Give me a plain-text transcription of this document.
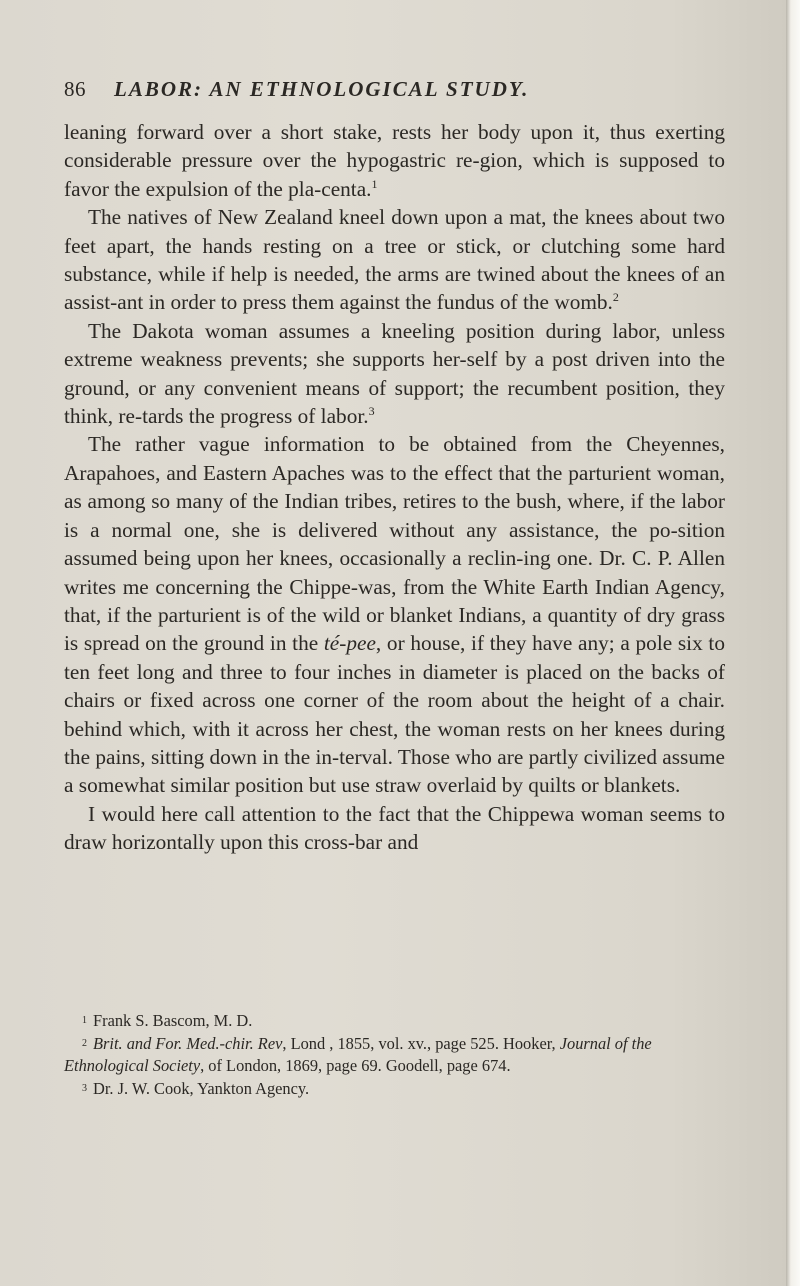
86 LABOR: AN ETHNOLOGICAL STUDY.

leaning forward over a short stake, rests her body upon it, thus exerting considerable pressure over the hypogastric re-gion, which is supposed to favor the expulsion of the pla-centa.$^1$

The natives of New Zealand kneel down upon a mat, the knees about two feet apart, the hands resting on a tree or stick, or clutching some hard substance, while if help is needed, the arms are twined about the knees of an assist-ant in order to press them against the fundus of the womb.$^2$

The Dakota woman assumes a kneeling position during labor, unless extreme weakness prevents; she supports her-self by a post driven into the ground, or any convenient means of support; the recumbent position, they think, re-tards the progress of labor.$^3$

The rather vague information to be obtained from the Cheyennes, Arapahoes, and Eastern Apaches was to the effect that the parturient woman, as among so many of the Indian tribes, retires to the bush, where, if the labor is a normal one, she is delivered without any assistance, the po-sition assumed being upon her knees, occasionally a reclin-ing one. Dr. C. P. Allen writes me concerning the Chippe-was, from the White Earth Indian Agency, that, if the parturient is of the wild or blanket Indians, a quantity of dry grass is spread on the ground in the té-pee, or house, if they have any; a pole six to ten feet long and three to four inches in diameter is placed on the backs of chairs or fixed across one corner of the room about the height of a chair. behind which, with it across her chest, the woman rests on her knees during the pains, sitting down in the in-terval. Those who are partly civilized assume a somewhat similar position but use straw overlaid by quilts or blankets.

I would here call attention to the fact that the Chippewa woman seems to draw horizontally upon this cross-bar and

$^1$ Frank S. Bascom, M. D.

$^2$ Brit. and For. Med.-chir. Rev, Lond , 1855, vol. xv., page 525. Hooker, Journal of the Ethnological Society, of London, 1869, page 69. Goodell, page 674.

$^3$ Dr. J. W. Cook, Yankton Agency.
